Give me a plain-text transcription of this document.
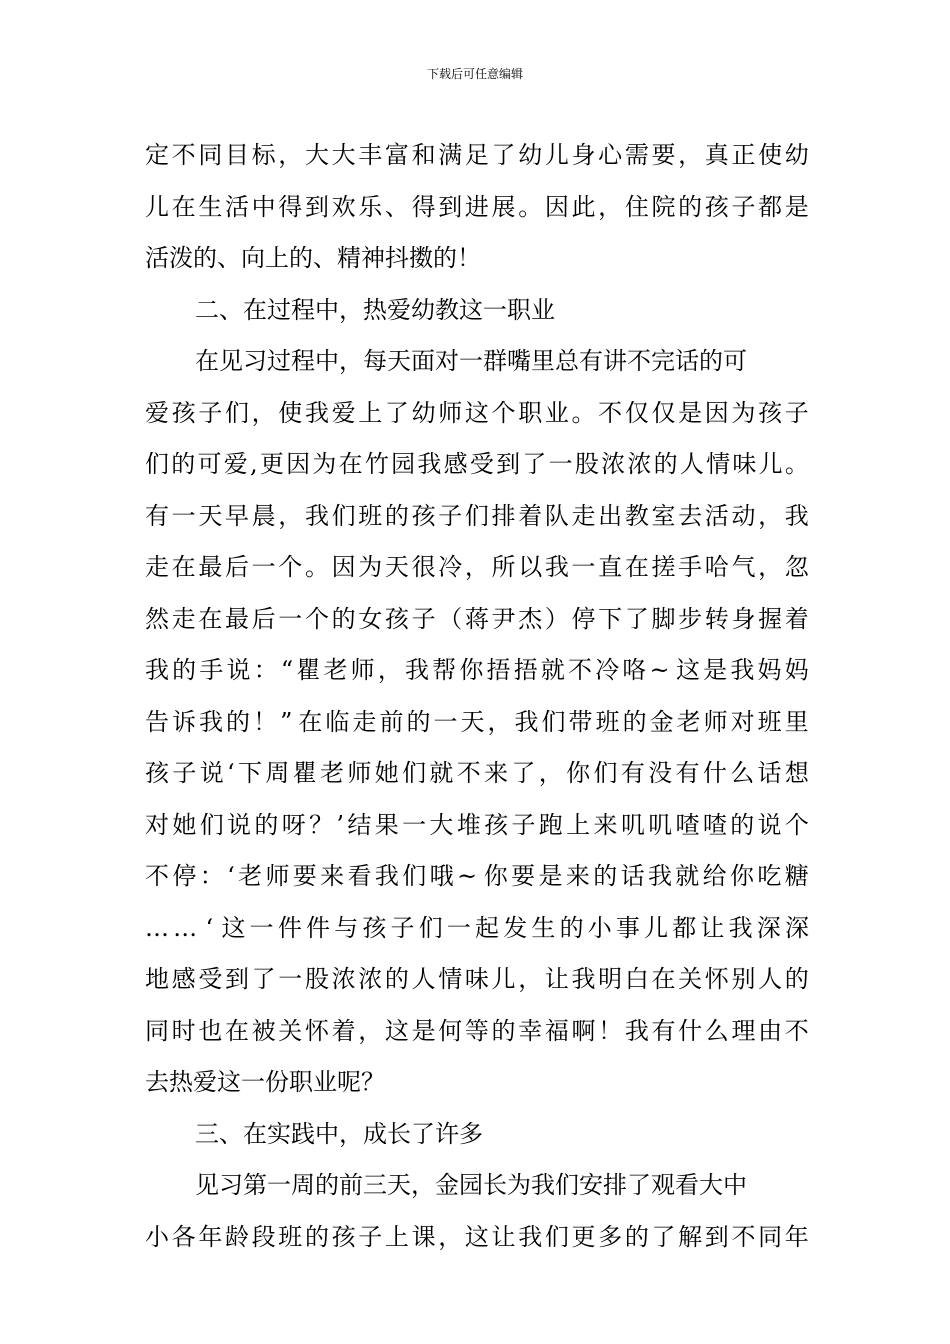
下载后可任意编辑
定 不 同 目 标 ， 大 大 丰 富 和 满 足 了 幼 儿 身 心 需 要 ， 真 正 使 幼
儿 在 生 活 中 得 到 欢 乐 、 得 到 进 展 。 因 此 ， 住 院 的 孩 子 都 是
活泼的、向上的、精神抖擞的！
二、在过程中，热爱幼教这一职业
在见习过程中，每天面对一群嘴里总有讲不完话的可
爱 孩 子 们 ， 使 我 爱 上 了 幼 师 这 个 职 业 。 不 仅 仅 是 因 为 孩 子
们 的 可 爱 , 更 因 为 在 竹 园 我 感 受 到 了 一 股 浓 浓 的 人 情 味 儿 。
有 一 天 早 晨 ， 我 们 班 的 孩 子 们 排 着 队 走 出 教 室 去 活 动 ， 我
走 在 最 后 一 个 。 因 为 天 很 冷 ， 所 以 我 一 直 在 搓 手 哈 气 ， 忽
然 走 在 最 后 一 个 的 女 孩 子 （ 蒋 尹 杰 ） 停 下 了 脚 步 转 身 握 着
我 的 手 说 ： “ 瞿 老 师 ， 我 帮 你 捂 捂 就 不 冷 咯 ~ 这 是 我 妈 妈
告 诉 我 的 ！ ” 在 临 走 前 的 一 天 ， 我 们 带 班 的 金 老 师 对 班 里
孩 子 说 ‘ 下 周 瞿 老 师 她 们 就 不 来 了 ， 你 们 有 没 有 什 么 话 想
对 她 们 说 的 呀 ？ ’ 结 果 一 大 堆 孩 子 跑 上 来 叽 叽 喳 喳 的 说 个
不 停 ： ‘ 老 师 要 来 看 我 们 哦 ~ 你 要 是 来 的 话 我 就 给 你 吃 糖
… … ‘ 这 一 件 件 与 孩 子 们 一 起 发 生 的 小 事 儿 都 让 我 深 深
地 感 受 到 了 一 股 浓 浓 的 人 情 味 儿 ， 让 我 明 白 在 关 怀 别 人 的
同 时 也 在 被 关 怀 着 ， 这 是 何 等 的 幸 福 啊 ！ 我 有 什 么 理 由 不
去热爱这一份职业呢？
三、在实践中，成长了许多
见习第一周的前三天，金园长为我们安排了观看大中
小 各 年 龄 段 班 的 孩 子 上 课 ， 这 让 我 们 更 多 的 了 解 到 不 同 年
